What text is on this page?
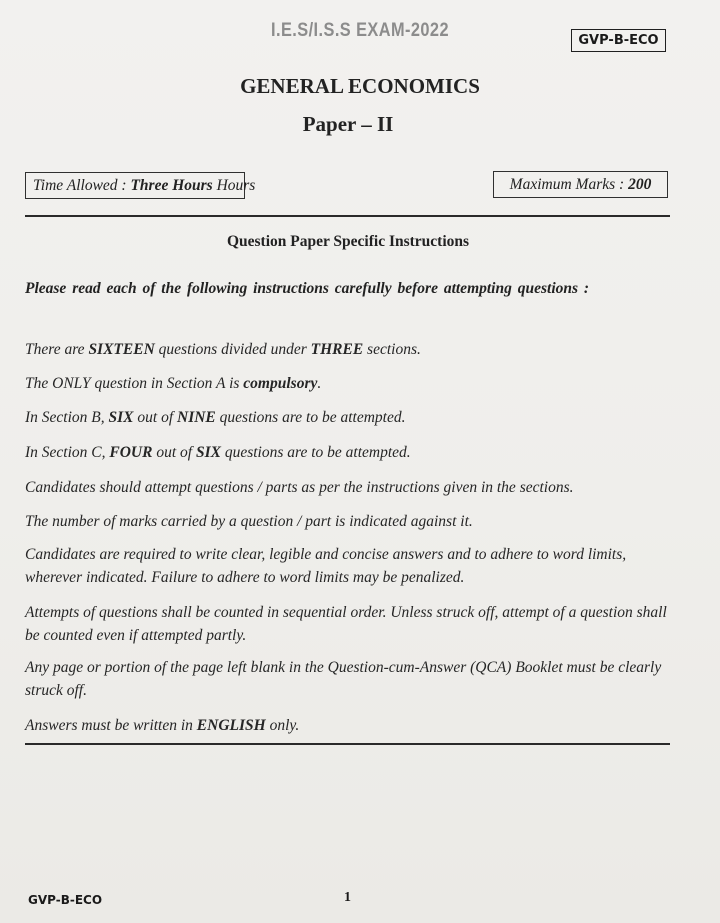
I.E.S/I.S.S EXAM-2022	GVP-B-ECO
GENERAL ECONOMICS
Paper – II
Time Allowed : Three Hours Hours	Maximum Marks : 200
Question Paper Specific Instructions
Please read each of the following instructions carefully before attempting questions :
There are SIXTEEN questions divided under THREE sections.
The ONLY question in Section A is compulsory.
In Section B, SIX out of NINE questions are to be attempted.
In Section C, FOUR out of SIX questions are to be attempted.
Candidates should attempt questions / parts as per the instructions given in the sections.
The number of marks carried by a question / part is indicated against it.
Candidates are required to write clear, legible and concise answers and to adhere to word limits, wherever indicated. Failure to adhere to word limits may be penalized.
Attempts of questions shall be counted in sequential order. Unless struck off, attempt of a question shall be counted even if attempted partly.
Any page or portion of the page left blank in the Question-cum-Answer (QCA) Booklet must be clearly struck off.
Answers must be written in ENGLISH only.
GVP-B-ECO	1
